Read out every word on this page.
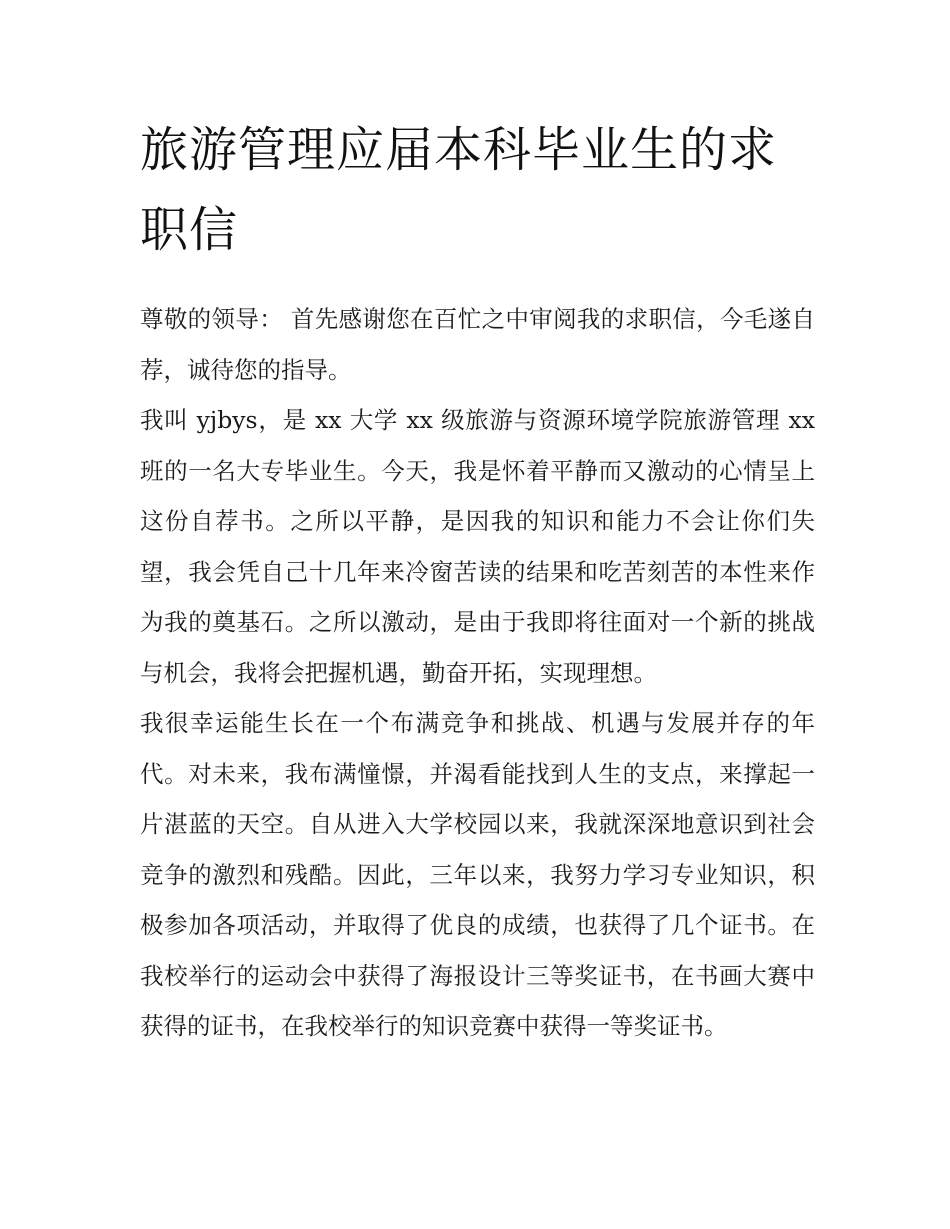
旅游管理应届本科毕业生的求职信

尊敬的领导： 首先感谢您在百忙之中审阅我的求职信，今毛遂自荐，诚待您的指导。

我叫 yjbys，是 xx 大学 xx 级旅游与资源环境学院旅游管理 xx 班的一名大专毕业生。今天，我是怀着平静而又激动的心情呈上这份自荐书。之所以平静，是因我的知识和能力不会让你们失望，我会凭自己十几年来冷窗苦读的结果和吃苦刻苦的本性来作为我的奠基石。之所以激动，是由于我即将往面对一个新的挑战与机会，我将会把握机遇，勤奋开拓，实现理想。

我很幸运能生长在一个布满竞争和挑战、机遇与发展并存的年代。对未来，我布满憧憬，并渴看能找到人生的支点，来撑起一片湛蓝的天空。自从进入大学校园以来，我就深深地意识到社会竞争的激烈和残酷。因此，三年以来，我努力学习专业知识，积极参加各项活动，并取得了优良的成绩，也获得了几个证书。在我校举行的运动会中获得了海报设计三等奖证书，在书画大赛中获得的证书，在我校举行的知识竞赛中获得一等奖证书。
